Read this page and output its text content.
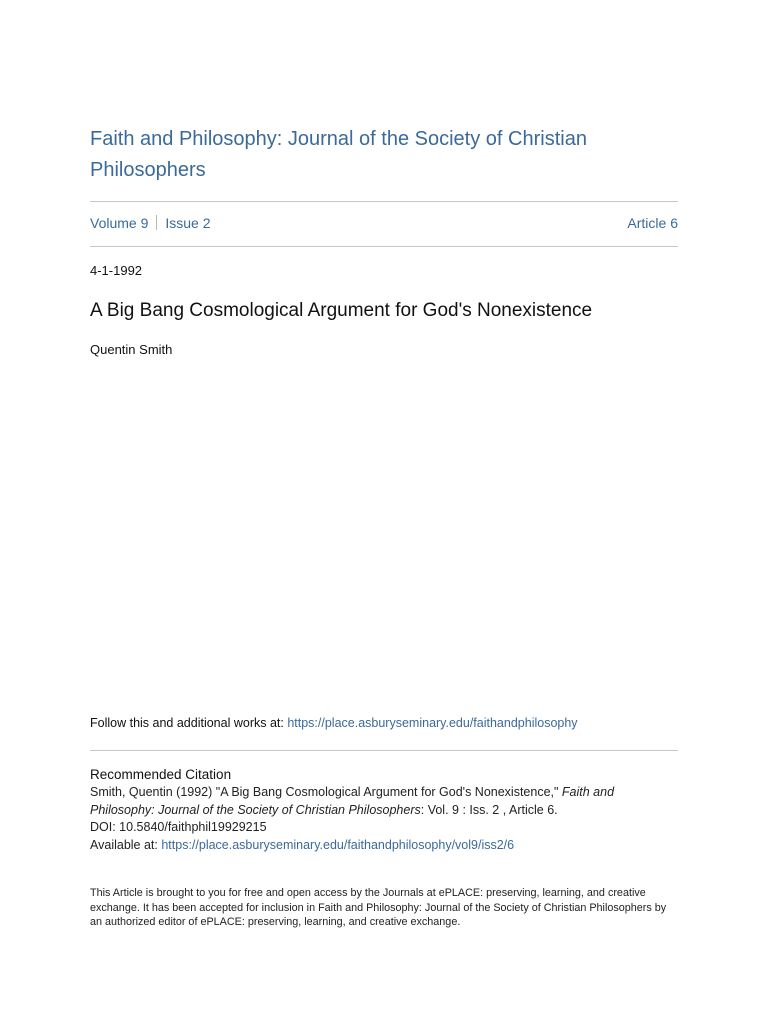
Faith and Philosophy: Journal of the Society of Christian Philosophers
Volume 9 Issue 2	Article 6
4-1-1992
A Big Bang Cosmological Argument for God's Nonexistence
Quentin Smith
Follow this and additional works at: https://place.asburyseminary.edu/faithandphilosophy
Recommended Citation
Smith, Quentin (1992) "A Big Bang Cosmological Argument for God's Nonexistence," Faith and Philosophy: Journal of the Society of Christian Philosophers: Vol. 9 : Iss. 2 , Article 6.
DOI: 10.5840/faithphil19929215
Available at: https://place.asburyseminary.edu/faithandphilosophy/vol9/iss2/6
This Article is brought to you for free and open access by the Journals at ePLACE: preserving, learning, and creative exchange. It has been accepted for inclusion in Faith and Philosophy: Journal of the Society of Christian Philosophers by an authorized editor of ePLACE: preserving, learning, and creative exchange.
